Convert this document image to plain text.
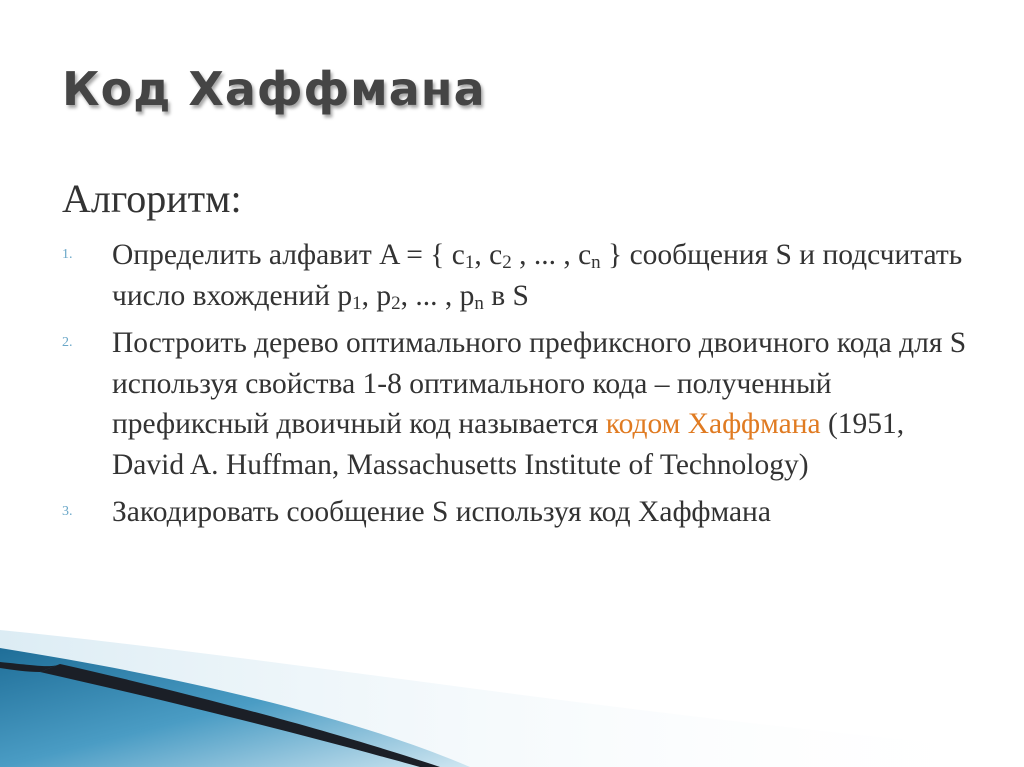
Код Хаффмана
Алгоритм:
1. Определить алфавит A = { $c_1$, $c_2$ , ... , $c_n$ } сообщения S и подсчитать число вхождений $p_1$, $p_2$, ... , $p_n$ в S
2. Построить дерево оптимального префиксного двоичного кода для S используя свойства 1-8 оптимального кода – полученный префиксный двоичный код называется кодом Хаффмана (1951, David A. Huffman, Massachusetts Institute of Technology)
3. Закодировать сообщение S используя код Хаффмана
